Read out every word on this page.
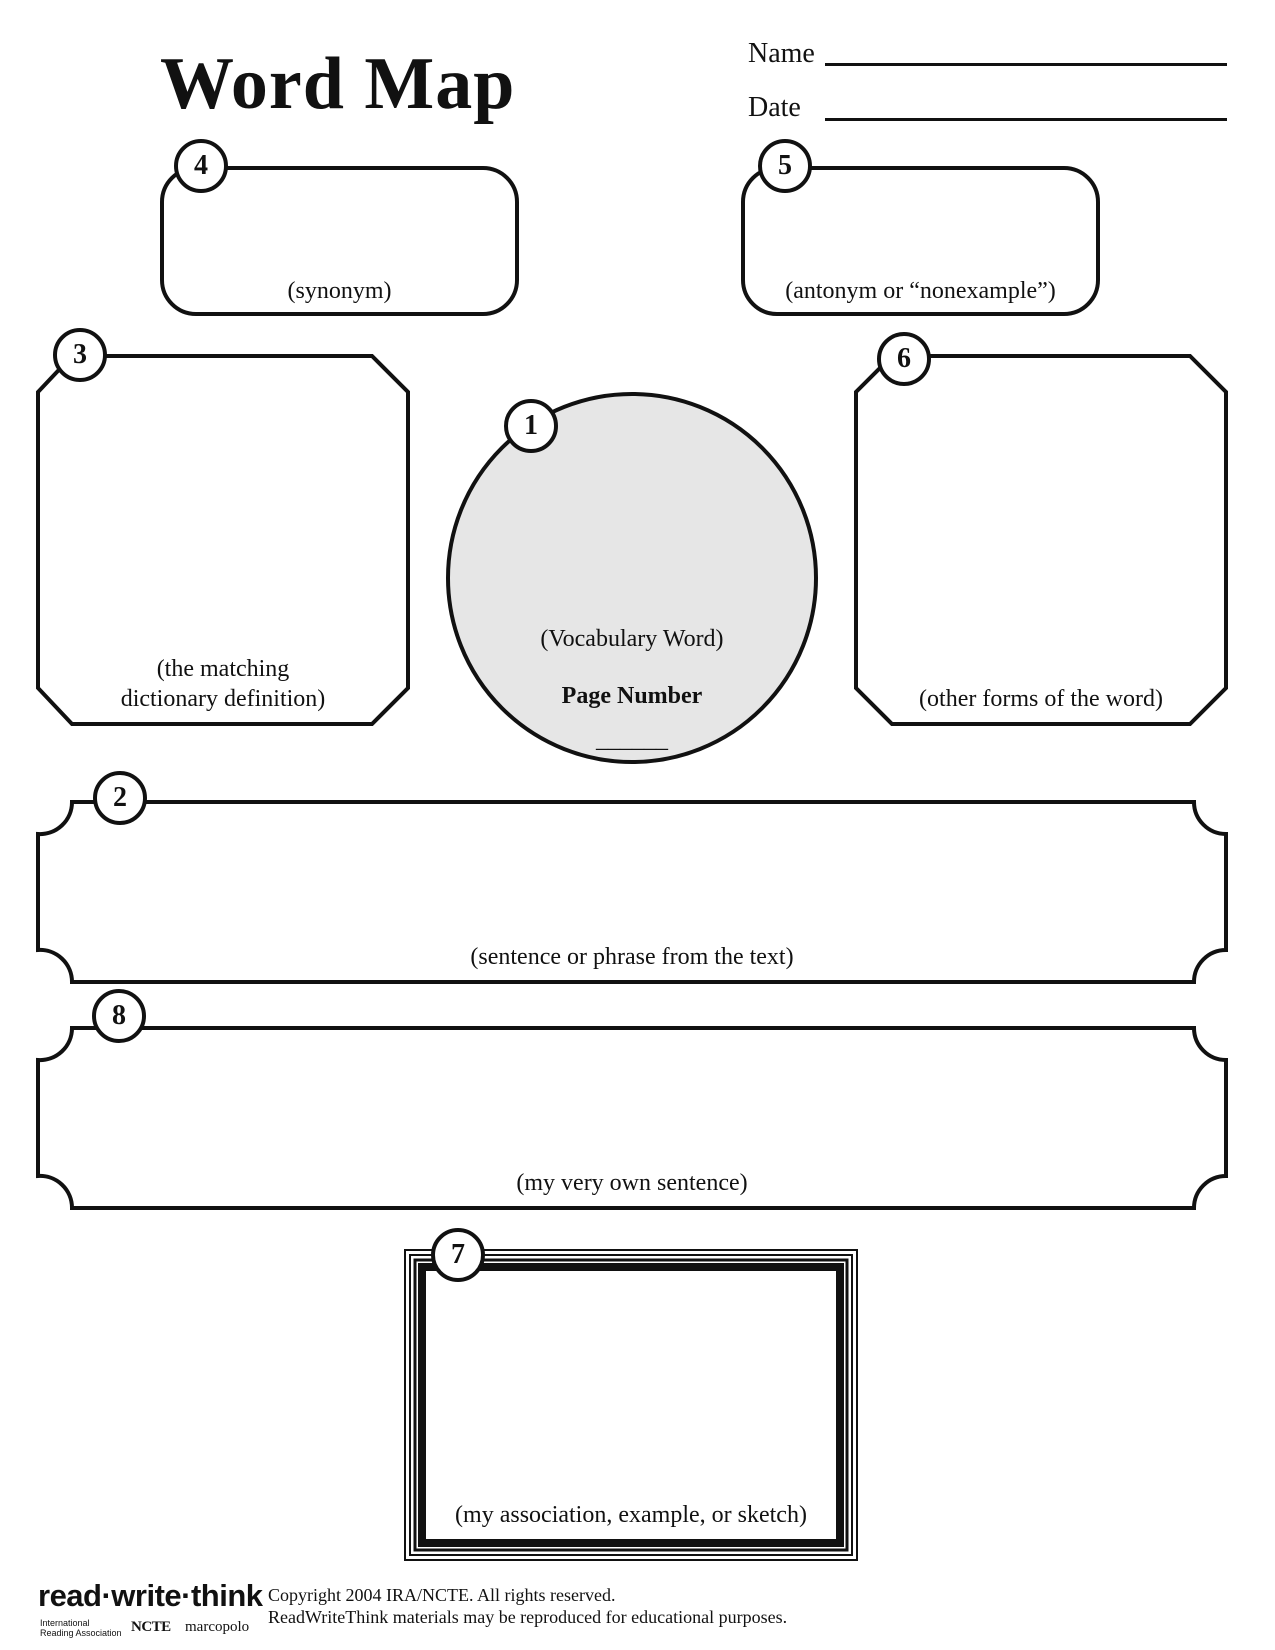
Word Map	Name
Date
4	5
3	6
1
2
8
7
(synonym)	(antonym or “nonexample”)
(the matching
dictionary definition)	(other forms of the word)
(Vocabulary Word)
Page Number
______
(sentence or phrase from the text)
(my very own sentence)
(my association, example, or sketch)
read·write·think
International
Reading Association NCTE marcopolo
Copyright 2004 IRA/NCTE. All rights reserved.
ReadWriteThink materials may be reproduced for educational purposes.
